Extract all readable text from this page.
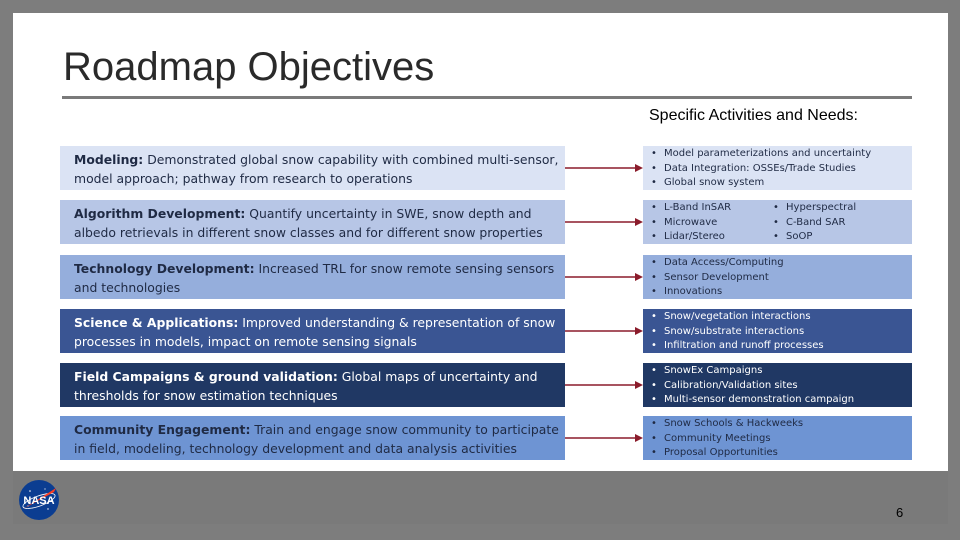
Roadmap Objectives
Specific Activities and Needs:
Modeling: Demonstrated global snow capability with combined multi-sensor, model approach; pathway from research to operations
• Model parameterizations and uncertainty
• Data Integration: OSSEs/Trade Studies
• Global snow system
Algorithm Development: Quantify uncertainty in SWE, snow depth and albedo retrievals in different snow classes and for different snow properties
• L-Band InSAR
• Microwave
• Lidar/Stereo
• Hyperspectral
• C-Band SAR
• SoOP
Technology Development: Increased TRL for snow remote sensing sensors and technologies
• Data Access/Computing
• Sensor Development
• Innovations
Science & Applications: Improved understanding & representation of snow processes in models, impact on remote sensing signals
• Snow/vegetation interactions
• Snow/substrate interactions
• Infiltration and runoff processes
Field Campaigns & ground validation: Global maps of uncertainty and thresholds for snow estimation techniques
• SnowEx Campaigns
• Calibration/Validation sites
• Multi-sensor demonstration campaign
Community Engagement: Train and engage snow community to participate in field, modeling, technology development and data analysis activities
• Snow Schools & Hackweeks
• Community Meetings
• Proposal Opportunities
NASA
6
